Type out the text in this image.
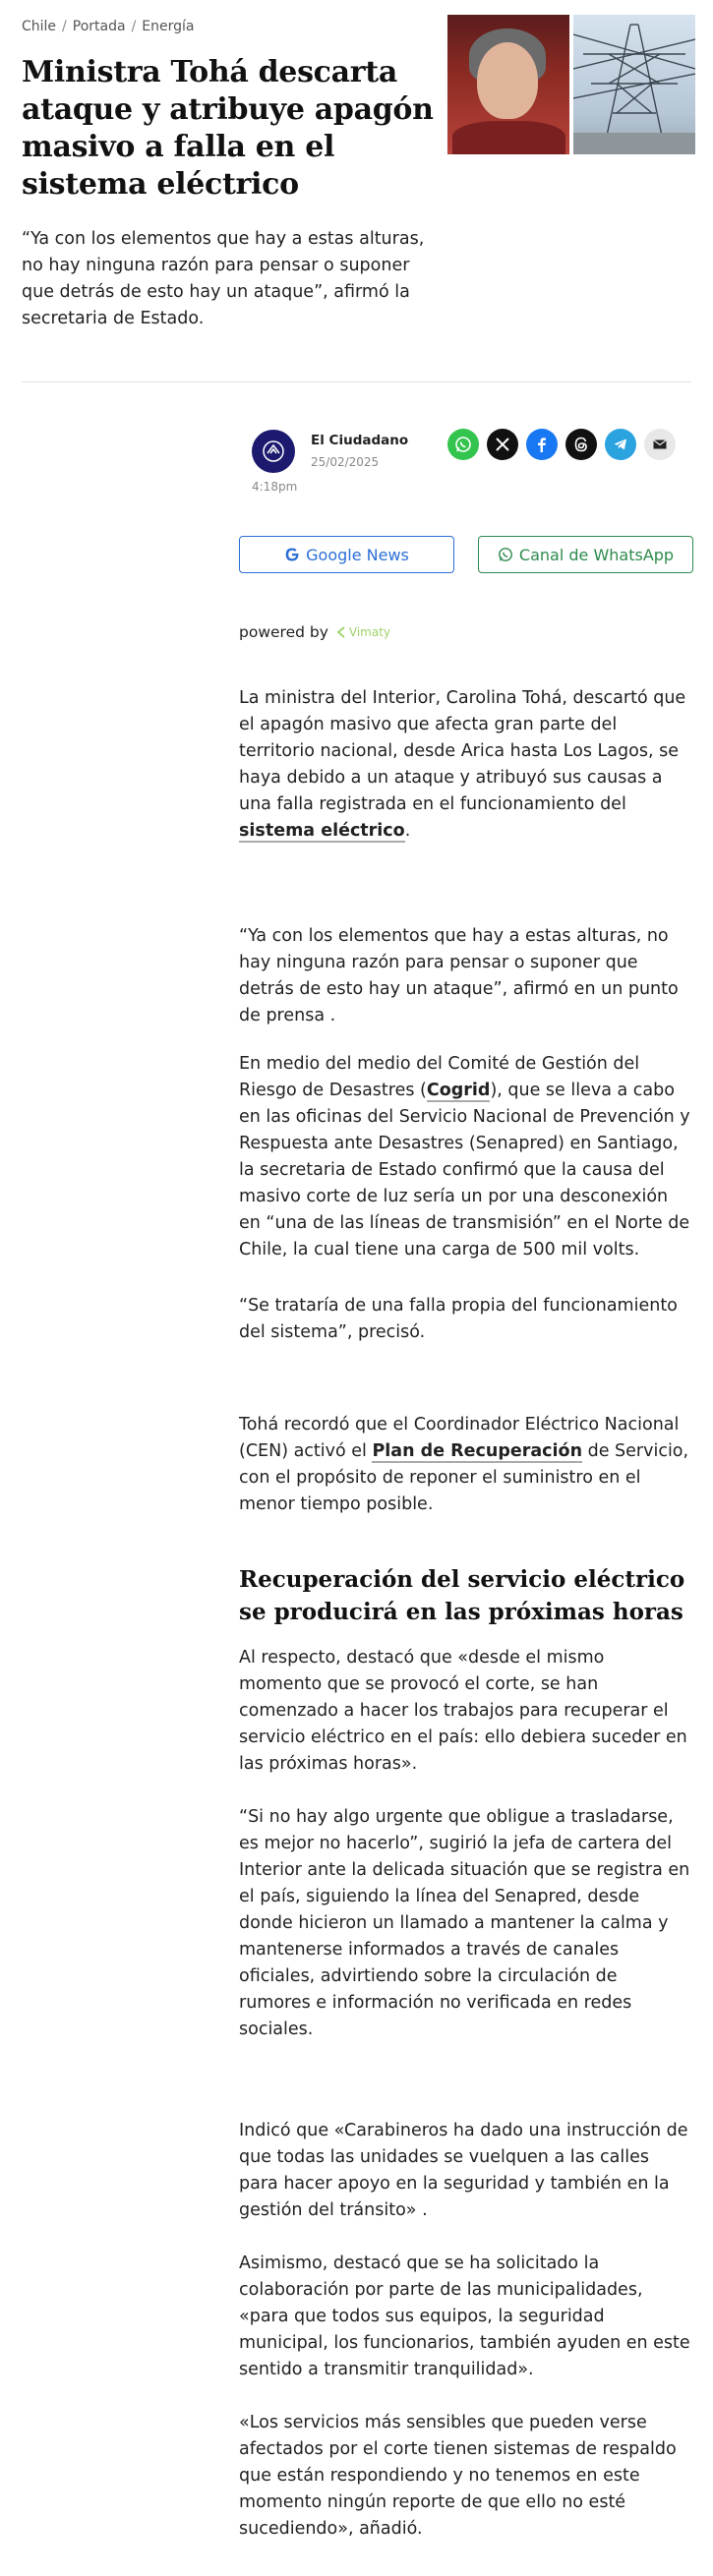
Chile / Portada / Energía
Ministra Tohá descarta ataque y atribuye apagón masivo a falla en el sistema eléctrico

“Ya con los elementos que hay a estas alturas, no hay ninguna razón para pensar o suponer que detrás de esto hay un ataque”, afirmó la secretaria de Estado.

El Ciudadano
25/02/2025
4:18pm
Google News	Canal de WhatsApp
powered by Vimaty

La ministra del Interior, Carolina Tohá, descartó que el apagón masivo que afecta gran parte del territorio nacional, desde Arica hasta Los Lagos, se haya debido a un ataque y atribuyó sus causas a una falla registrada en el funcionamiento del sistema eléctrico.

“Ya con los elementos que hay a estas alturas, no hay ninguna razón para pensar o suponer que detrás de esto hay un ataque”, afirmó en un punto de prensa .

En medio del medio del Comité de Gestión del Riesgo de Desastres (Cogrid), que se lleva a cabo en las oficinas del Servicio Nacional de Prevención y Respuesta ante Desastres (Senapred) en Santiago, la secretaria de Estado confirmó que la causa del masivo corte de luz sería un por una desconexión en “una de las líneas de transmisión” en el Norte de Chile, la cual tiene una carga de 500 mil volts.

“Se trataría de una falla propia del funcionamiento del sistema”, precisó.

Tohá recordó que el Coordinador Eléctrico Nacional (CEN) activó el Plan de Recuperación de Servicio, con el propósito de reponer el suministro en el menor tiempo posible.

Recuperación del servicio eléctrico se producirá en las próximas horas

Al respecto, destacó que «desde el mismo momento que se provocó el corte, se han comenzado a hacer los trabajos para recuperar el servicio eléctrico en el país: ello debiera suceder en las próximas horas».

“Si no hay algo urgente que obligue a trasladarse, es mejor no hacerlo”, sugirió la jefa de cartera del Interior ante la delicada situación que se registra en el país, siguiendo la línea del Senapred, desde donde hicieron un llamado a mantener la calma y mantenerse informados a través de canales oficiales, advirtiendo sobre la circulación de rumores e información no verificada en redes sociales.

Indicó que «Carabineros ha dado una instrucción de que todas las unidades se vuelquen a las calles para hacer apoyo en la seguridad y también en la gestión del tránsito» .

Asimismo, destacó que se ha solicitado la colaboración por parte de las municipalidades, «para que todos sus equipos, la seguridad municipal, los funcionarios, también ayuden en este sentido a transmitir tranquilidad».

«Los servicios más sensibles que pueden verse afectados por el corte tienen sistemas de respaldo que están respondiendo y no tenemos en este momento ningún reporte de que ello no esté sucediendo», añadió.
